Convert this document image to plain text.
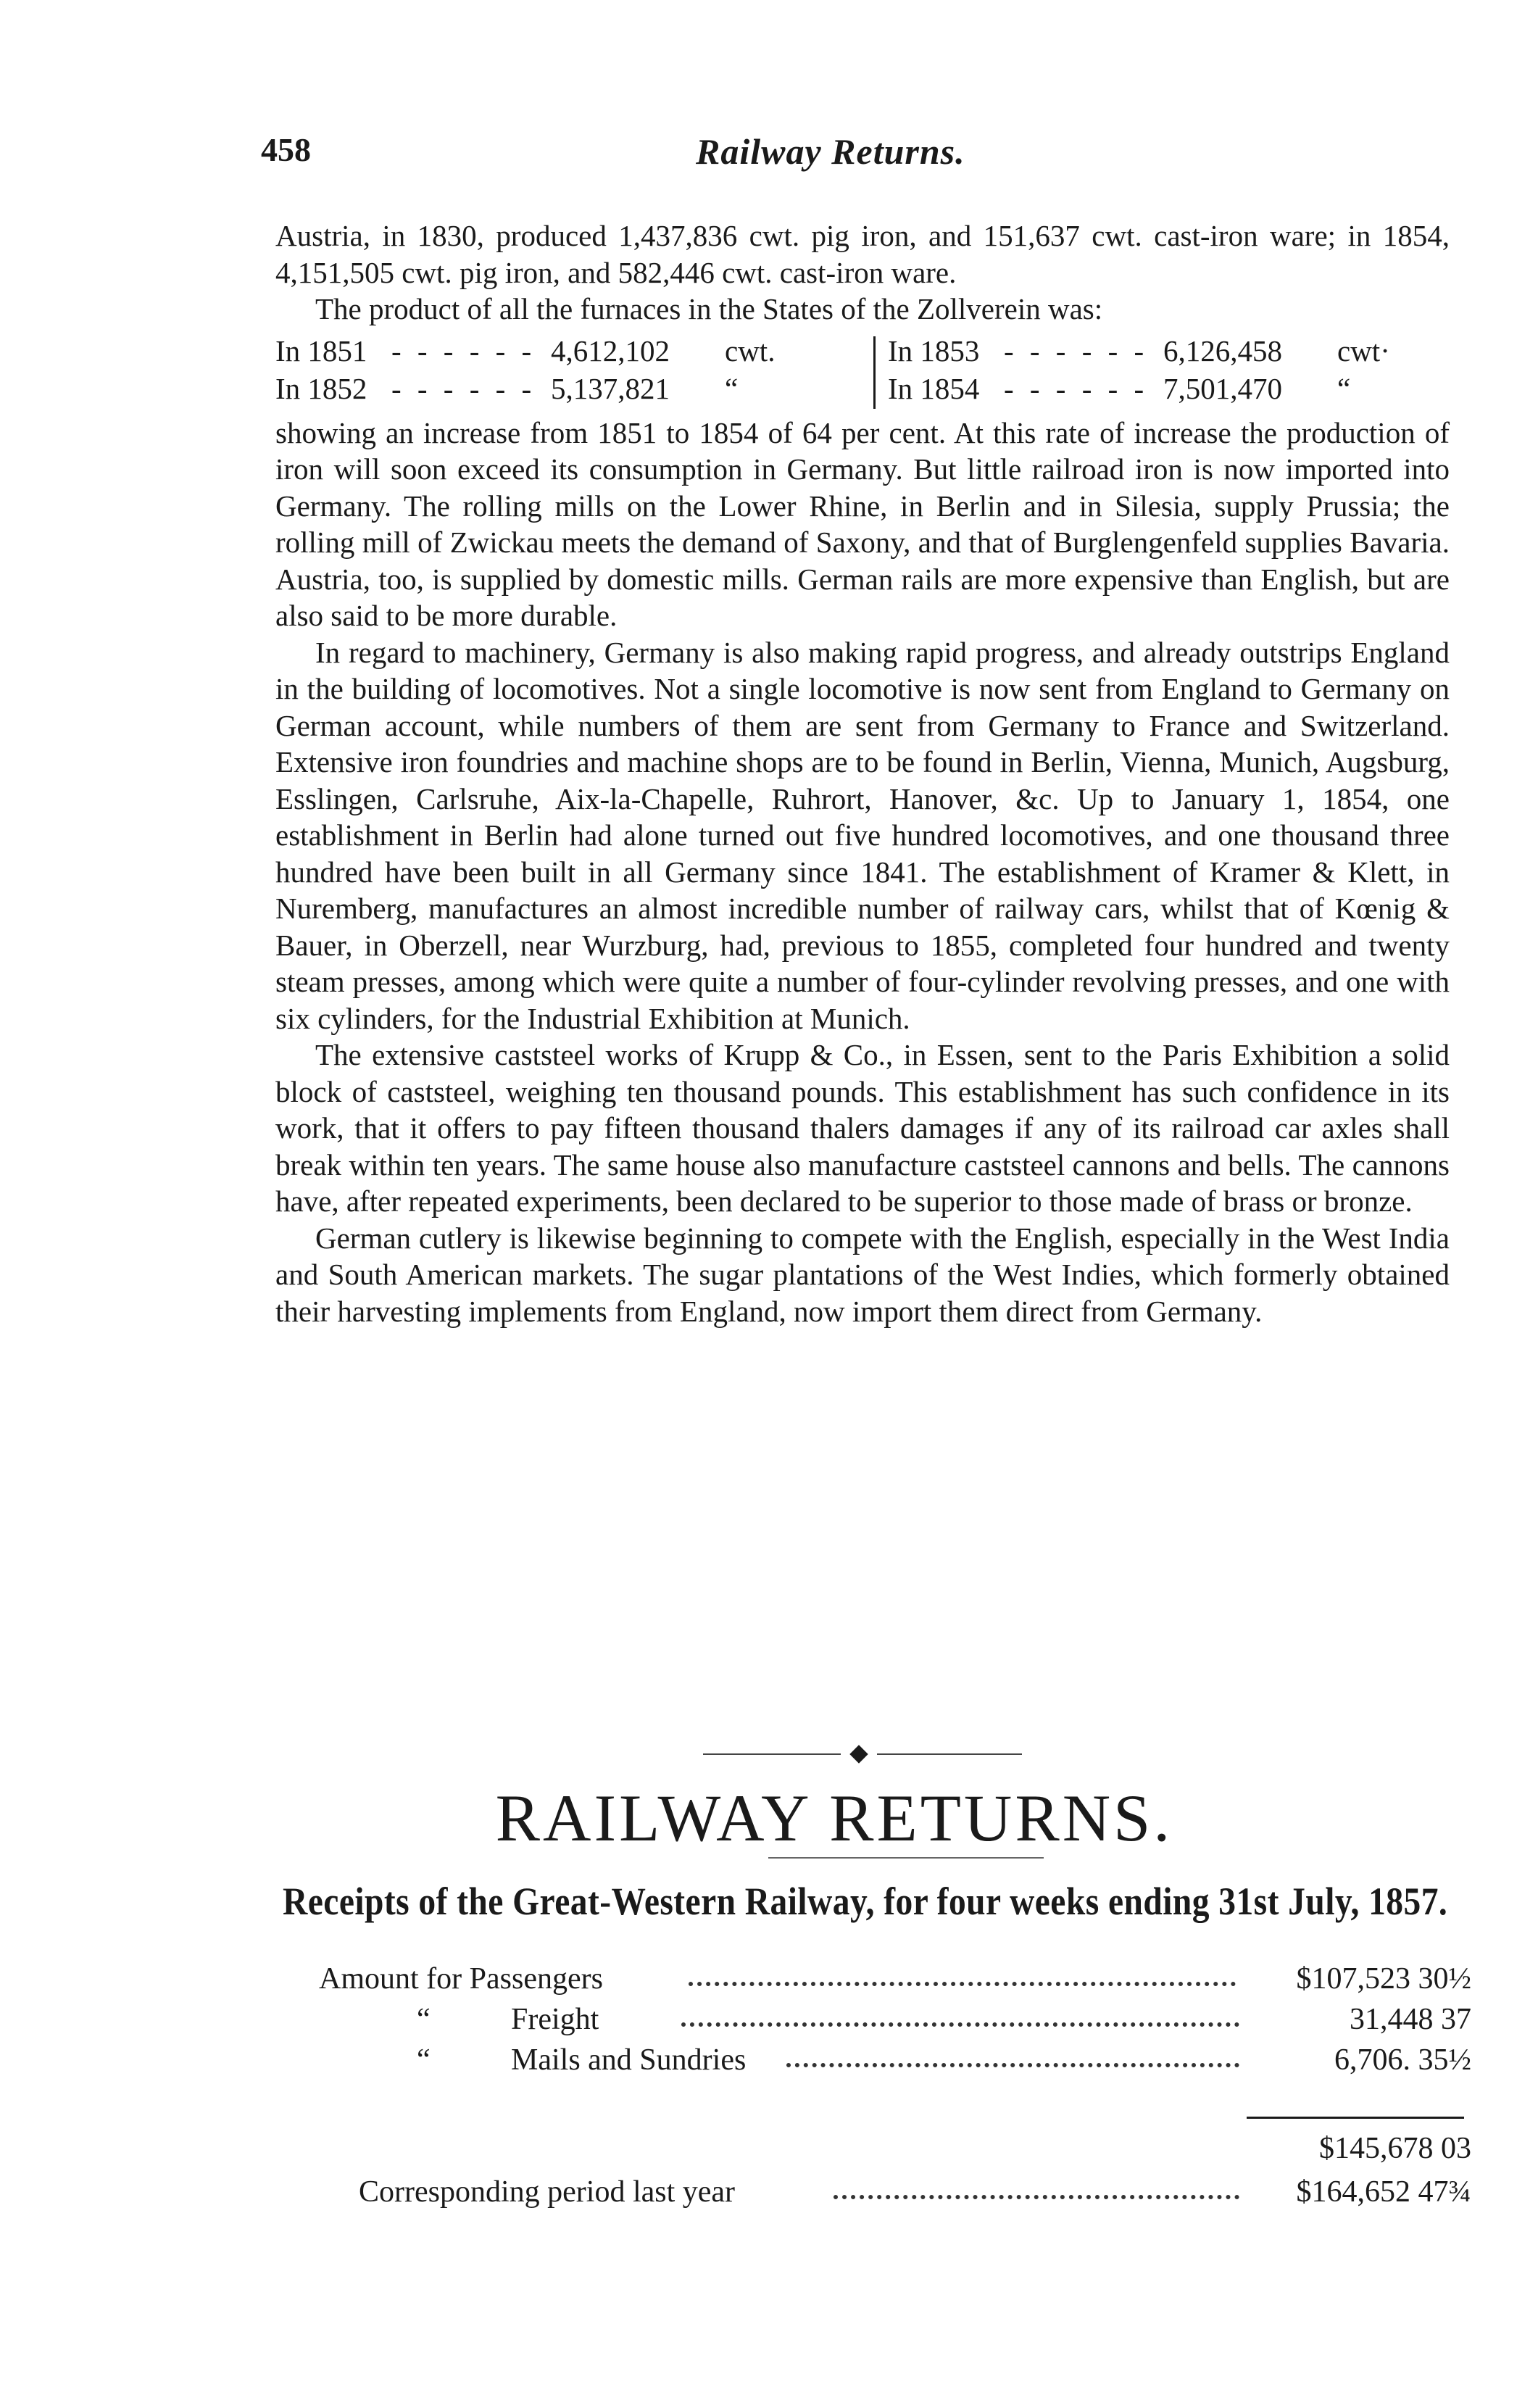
458	Railway Returns.

Austria, in 1830, produced 1,437,836 cwt. pig iron, and 151,637 cwt. cast-iron ware; in 1854, 4,151,505 cwt. pig iron, and 582,446 cwt. cast-iron ware.

The product of all the furnaces in the States of the Zollverein was:

In 1851 - - - - - - 4,612,102	cwt.
In 1852 - - - - - - 5,137,821	“
In 1853 - - - - - - 6,126,458	cwt·
In 1854 - - - - - - 7,501,470	“

showing an increase from 1851 to 1854 of 64 per cent. At this rate of increase the production of iron will soon exceed its consumption in Germany. But little railroad iron is now imported into Germany. The rolling mills on the Lower Rhine, in Berlin and in Silesia, supply Prussia; the rolling mill of Zwickau meets the demand of Saxony, and that of Burglengenfeld supplies Bavaria. Austria, too, is supplied by domestic mills. German rails are more expensive than English, but are also said to be more durable.

In regard to machinery, Germany is also making rapid progress, and already outstrips England in the building of locomotives. Not a single locomotive is now sent from England to Germany on German account, while numbers of them are sent from Germany to France and Switzerland. Extensive iron foundries and machine shops are to be found in Berlin, Vienna, Munich, Augsburg, Esslingen, Carlsruhe, Aix-la-Chapelle, Ruhrort, Hanover, &c. Up to January 1, 1854, one establishment in Berlin had alone turned out five hundred locomotives, and one thousand three hundred have been built in all Germany since 1841. The establishment of Kramer & Klett, in Nuremberg, manufactures an almost incredible number of railway cars, whilst that of Kœnig & Bauer, in Oberzell, near Wurzburg, had, previous to 1855, completed four hundred and twenty steam presses, among which were quite a number of four-cylinder revolving presses, and one with six cylinders, for the Industrial Exhibition at Munich.

The extensive caststeel works of Krupp & Co., in Essen, sent to the Paris Exhibition a solid block of caststeel, weighing ten thousand pounds. This establishment has such confidence in its work, that it offers to pay fifteen thousand thalers damages if any of its railroad car axles shall break within ten years. The same house also manufacture caststeel cannons and bells. The cannons have, after repeated experiments, been declared to be superior to those made of brass or bronze.

German cutlery is likewise beginning to compete with the English, especially in the West India and South American markets. The sugar plantations of the West Indies, which formerly obtained their harvesting implements from England, now import them direct from Germany.

RAILWAY RETURNS.
Receipts of the Great-Western Railway, for four weeks ending 31st July, 1857.
Amount for Passengers	$107,523 30½
“	Freight	31,448 37
“	Mails and Sundries	6,706. 35½
$145,678 03
Corresponding period last year	$164,652 47¾
